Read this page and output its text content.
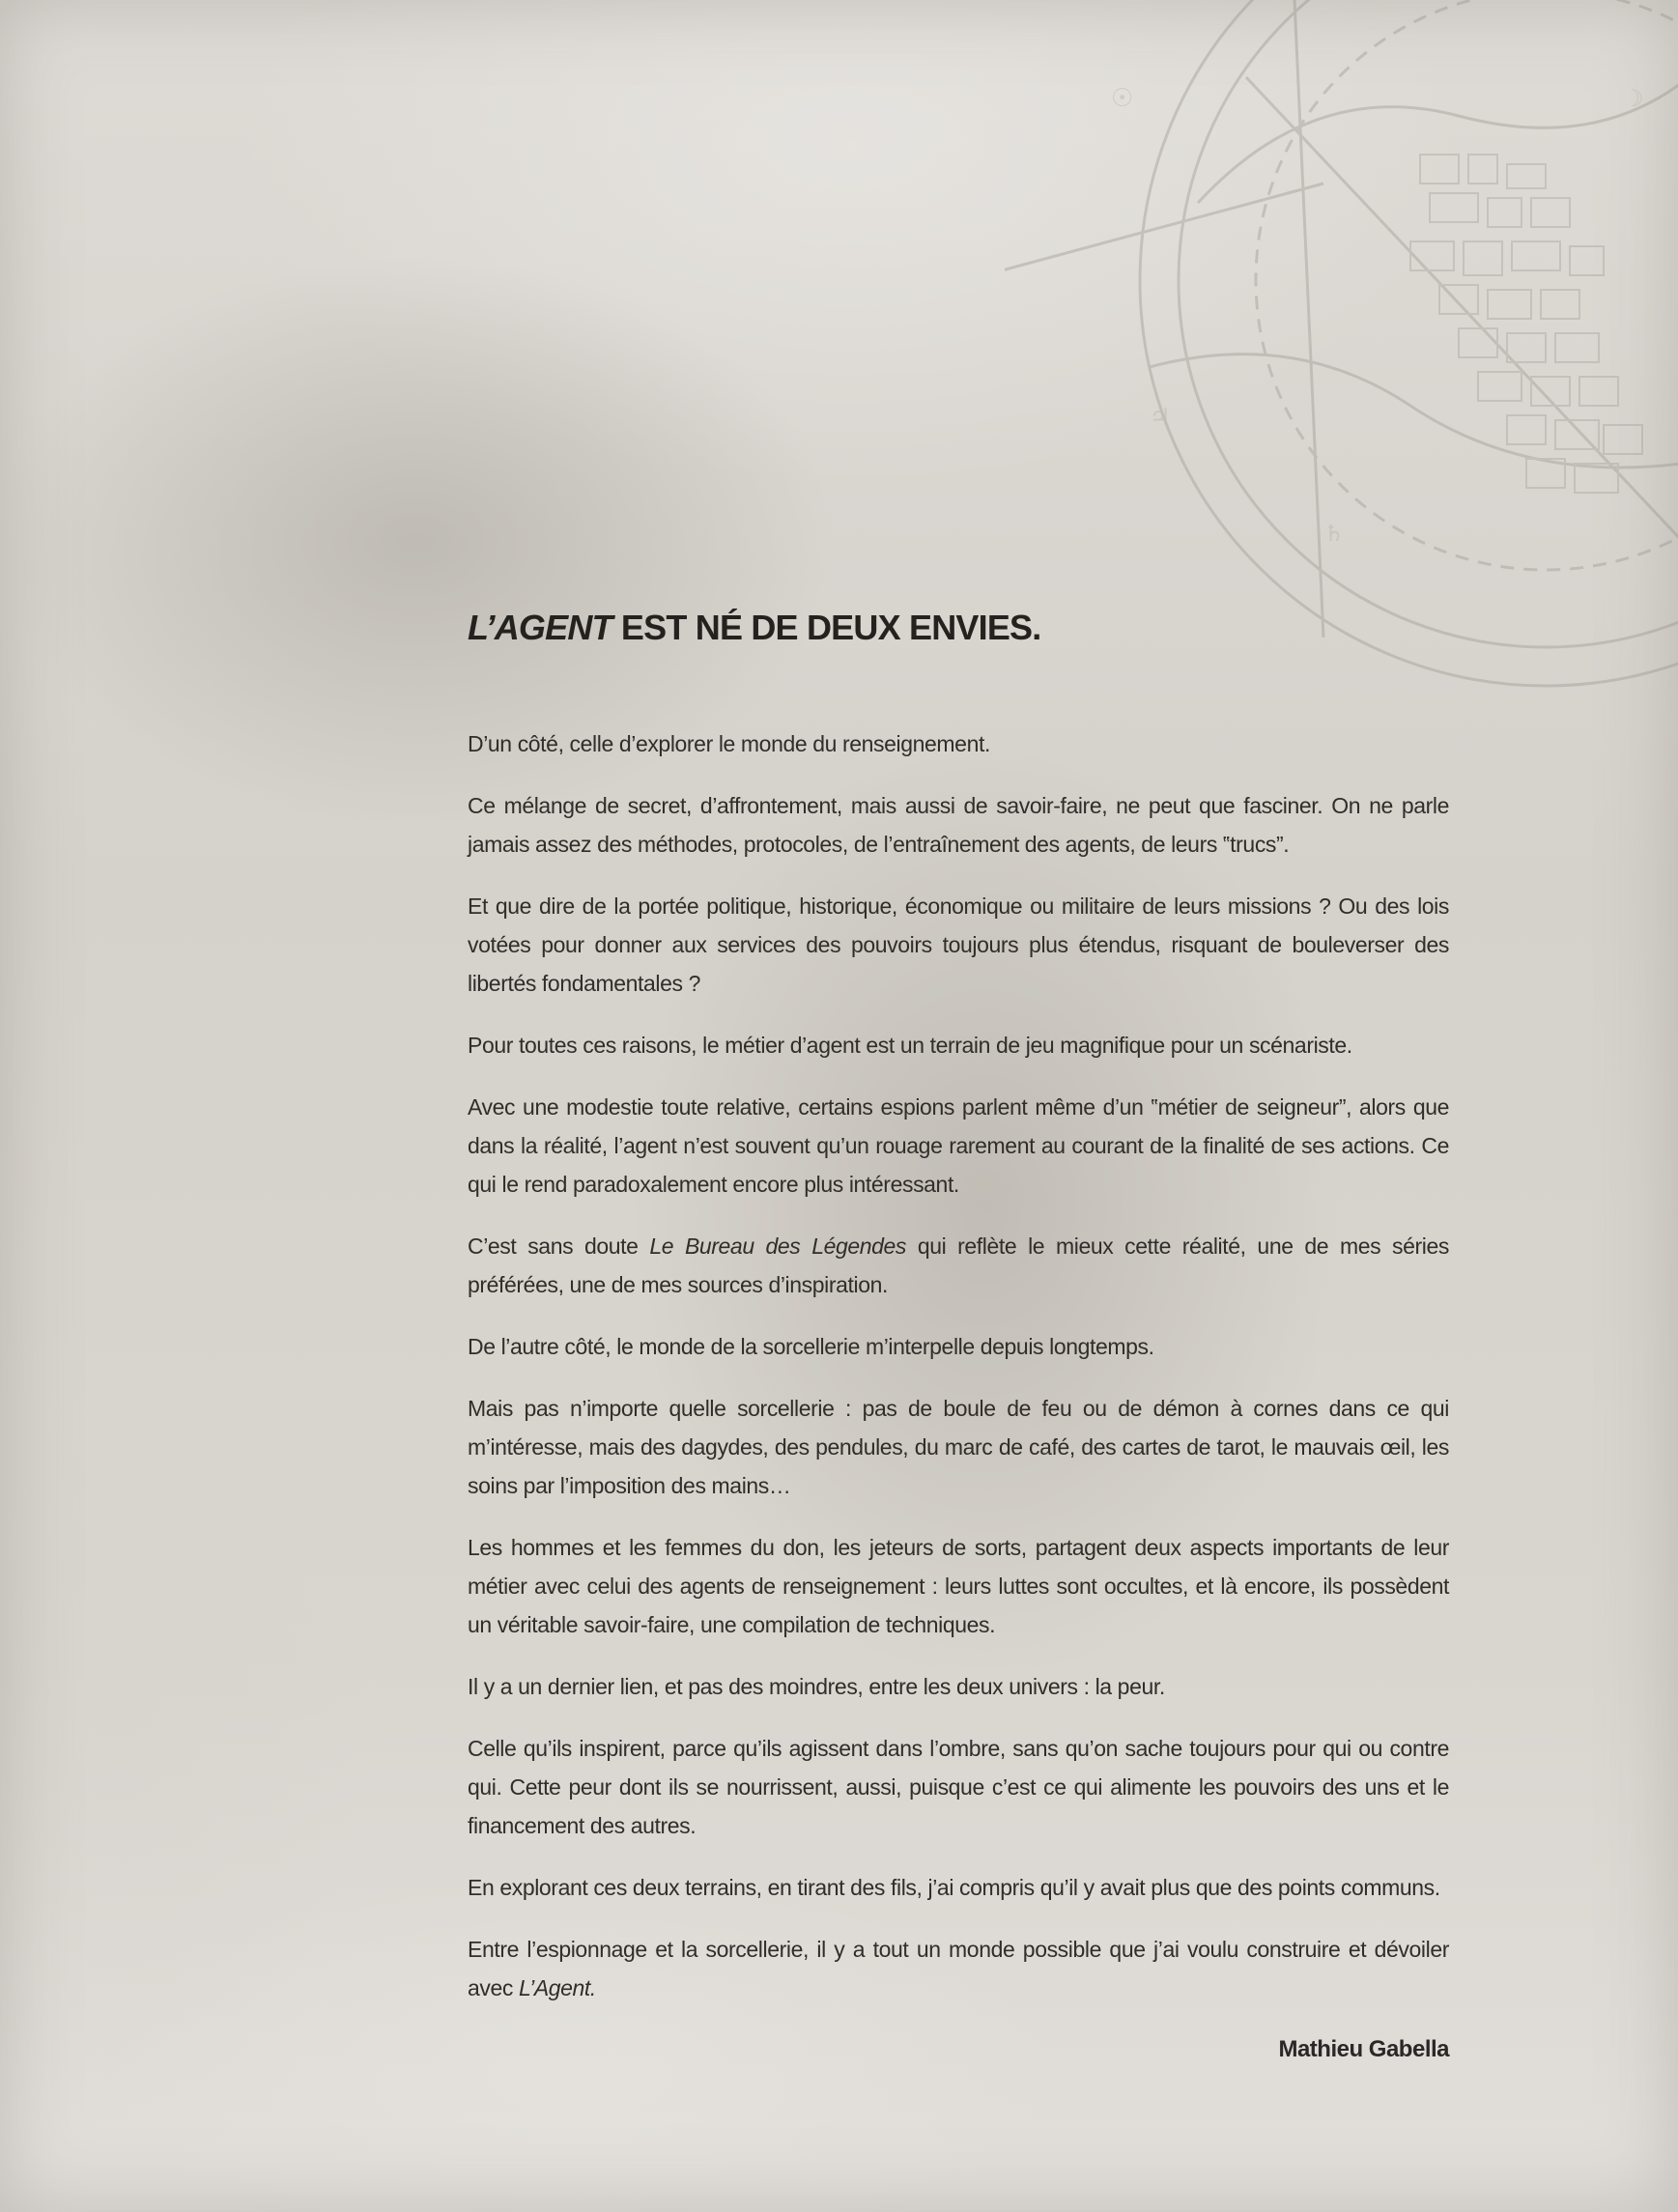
☉
♃
♄
☽
L’AGENT EST NÉ DE DEUX ENVIES.

D’un côté, celle d’explorer le monde du renseignement.

Ce mélange de secret, d’affrontement, mais aussi de savoir-faire, ne peut que fasciner. On ne parle jamais assez des méthodes, protocoles, de l’entraînement des agents, de leurs ‟trucs”.

Et que dire de la portée politique, historique, économique ou militaire de leurs missions ? Ou des lois votées pour donner aux services des pouvoirs toujours plus étendus, risquant de bouleverser des libertés fondamentales ?

Pour toutes ces raisons, le métier d’agent est un terrain de jeu magnifique pour un scénariste.

Avec une modestie toute relative, certains espions parlent même d’un ‟métier de seigneur”, alors que dans la réalité, l’agent n’est souvent qu’un rouage rarement au courant de la finalité de ses actions. Ce qui le rend paradoxalement encore plus intéressant.

C’est sans doute Le Bureau des Légendes qui reflète le mieux cette réalité, une de mes séries préférées, une de mes sources d’inspiration.

De l’autre côté, le monde de la sorcellerie m’interpelle depuis longtemps.

Mais pas n’importe quelle sorcellerie : pas de boule de feu ou de démon à cornes dans ce qui m’intéresse, mais des dagydes, des pendules, du marc de café, des cartes de tarot, le mauvais œil, les soins par l’imposition des mains…

Les hommes et les femmes du don, les jeteurs de sorts, partagent deux aspects importants de leur métier avec celui des agents de renseignement : leurs luttes sont occultes, et là encore, ils possèdent un véritable savoir-faire, une compilation de techniques.

Il y a un dernier lien, et pas des moindres, entre les deux univers : la peur.

Celle qu’ils inspirent, parce qu’ils agissent dans l’ombre, sans qu’on sache toujours pour qui ou contre qui. Cette peur dont ils se nourrissent, aussi, puisque c’est ce qui alimente les pouvoirs des uns et le financement des autres.

En explorant ces deux terrains, en tirant des fils, j’ai compris qu’il y avait plus que des points communs.

Entre l’espionnage et la sorcellerie, il y a tout un monde possible que j’ai voulu construire et dévoiler avec L’Agent.

Mathieu Gabella
